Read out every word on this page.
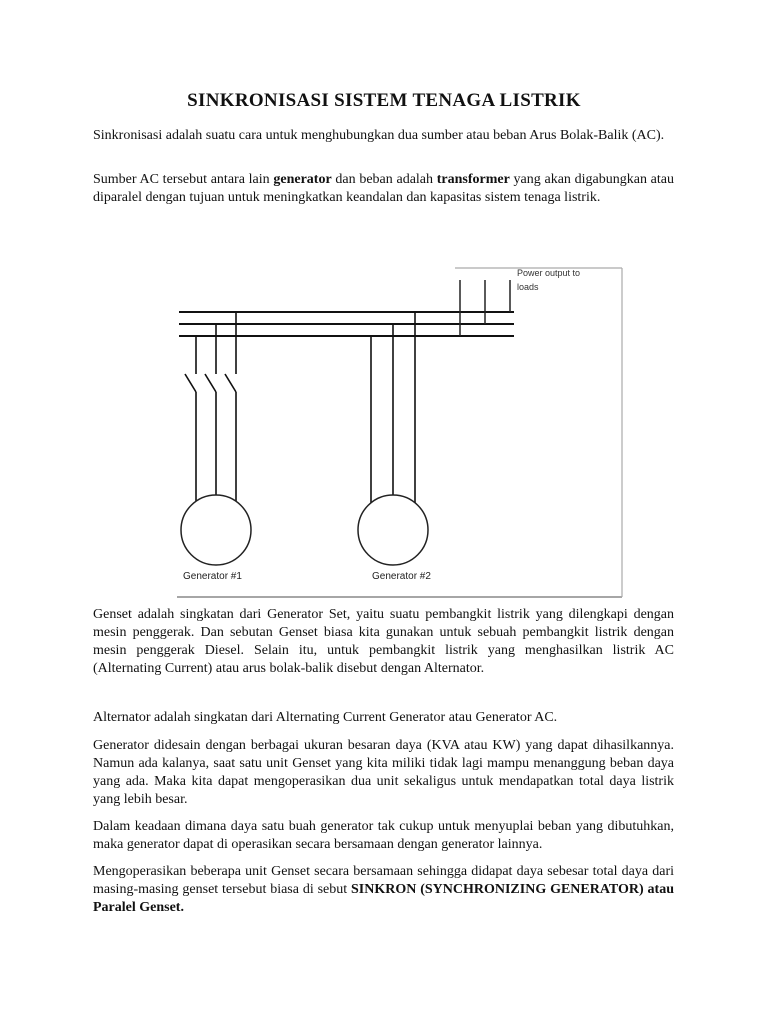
SINKRONISASI SISTEM TENAGA LISTRIK

Sinkronisasi adalah suatu cara untuk menghubungkan dua sumber atau beban Arus Bolak-Balik (AC).

Sumber AC tersebut antara lain generator dan beban adalah transformer yang akan digabungkan atau diparalel dengan tujuan untuk meningkatkan keandalan dan kapasitas sistem tenaga listrik.

Power output to
loads
Generator #1	Generator #2

Genset adalah singkatan dari Generator Set, yaitu suatu pembangkit listrik yang dilengkapi dengan mesin penggerak. Dan sebutan Genset biasa kita gunakan untuk sebuah pembangkit listrik dengan mesin penggerak Diesel. Selain itu, untuk pembangkit listrik yang menghasilkan listrik AC (Alternating Current) atau arus bolak-balik disebut dengan Alternator.

Alternator adalah singkatan dari Alternating Current Generator atau Generator AC.

Generator didesain dengan berbagai ukuran besaran daya (KVA atau KW) yang dapat dihasilkannya. Namun ada kalanya, saat satu unit Genset yang kita miliki tidak lagi mampu menanggung beban daya yang ada. Maka kita dapat mengoperasikan dua unit sekaligus untuk mendapatkan total daya listrik yang lebih besar.

Dalam keadaan dimana daya satu buah generator tak cukup untuk menyuplai beban yang dibutuhkan, maka generator dapat di operasikan secara bersamaan dengan generator lainnya.

Mengoperasikan beberapa unit Genset secara bersamaan sehingga didapat daya sebesar total daya dari masing-masing genset tersebut biasa di sebut SINKRON (SYNCHRONIZING GENERATOR) atau Paralel Genset.
